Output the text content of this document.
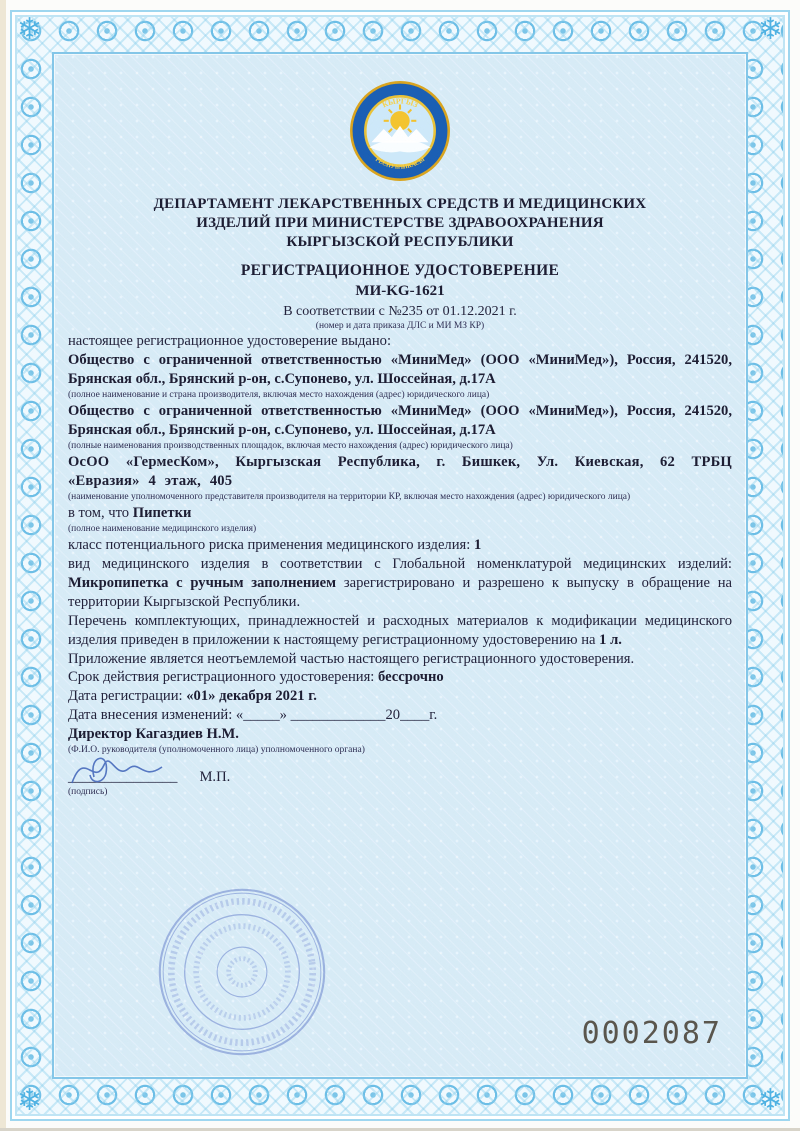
❄	❄
❄	❄
КЫРГЫЗ
РЕСПУБЛИКАСЫ
ДЕПАРТАМЕНТ ЛЕКАРСТВЕННЫХ СРЕДСТВ И МЕДИЦИНСКИХ
ИЗДЕЛИЙ ПРИ МИНИСТЕРСТВЕ ЗДРАВООХРАНЕНИЯ
КЫРГЫЗСКОЙ РЕСПУБЛИКИ
РЕГИСТРАЦИОННОЕ УДОСТОВЕРЕНИЕ
МИ-KG-1621
В соответствии с №235 от 01.12.2021 г.
(номер и дата приказа ДЛС и МИ МЗ КР)

настоящее регистрационное удостоверение выдано:

Общество с ограниченной ответственностью «МиниМед» (ООО «МиниМед»), Россия, 241520, Брянская обл., Брянский р-он, с.Супонево, ул. Шоссейная, д.17А

(полное наименование и страна производителя, включая место нахождения (адрес) юридического лица)

Общество с ограниченной ответственностью «МиниМед» (ООО «МиниМед»), Россия, 241520, Брянская обл., Брянский р-он, с.Супонево, ул. Шоссейная, д.17А

(полные наименования производственных площадок, включая место нахождения (адрес) юридического лица)

ОсОО «ГермесКом», Кыргызская Республика, г. Бишкек, Ул. Киевская, 62 ТРБЦ «Евразия» 4 этаж, 405

(наименование уполномоченного представителя производителя на территории КР, включая место нахождения (адрес) юридического лица)

в том, что Пипетки

(полное наименование медицинского изделия)

класс потенциального риска применения медицинского изделия: 1

вид медицинского изделия в соответствии с Глобальной номенклатурой медицинских изделий: Микропипетка с ручным заполнением зарегистрировано и разрешено к выпуску в обращение на территории Кыргызской Республики.

Перечень комплектующих, принадлежностей и расходных материалов к модификации медицинского изделия приведен в приложении к настоящему регистрационному удостоверению на 1 л.

Приложение является неотъемлемой частью настоящего регистрационного удостоверения.

Срок действия регистрационного удостоверения: бессрочно

Дата регистрации: «01» декабря 2021 г.

Дата внесения изменений: «_____» _____________20____г.

Директор Кагаздиев Н.М.

(Ф.И.О. руководителя (уполномоченного лица) уполномоченного органа)
_______________ М.П.
(подпись)
0002087
